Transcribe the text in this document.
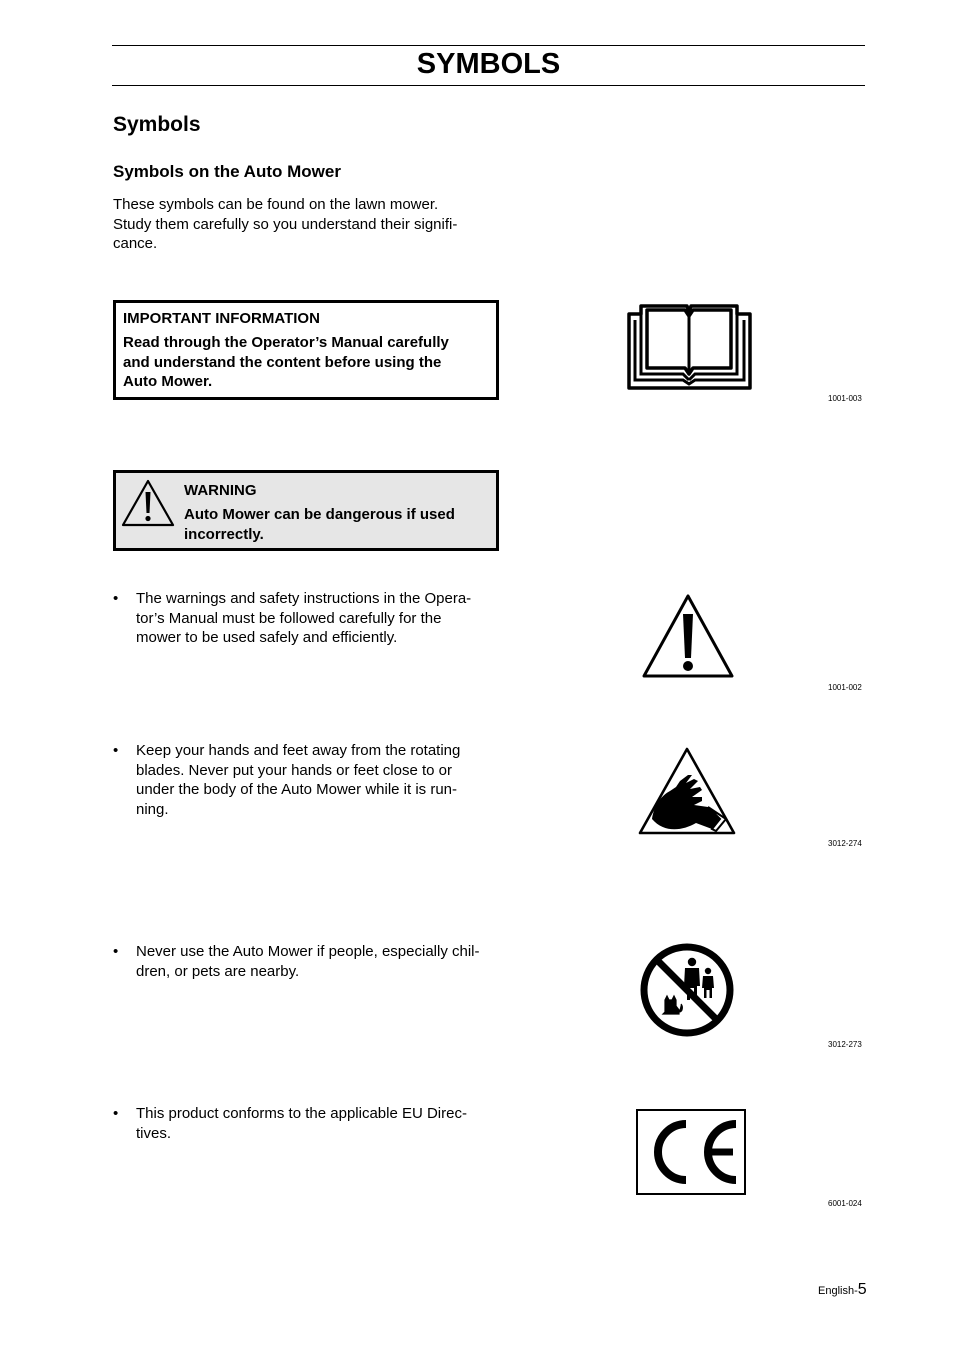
SYMBOLS
Symbols
Symbols on the Auto Mower
These symbols can be found on the lawn mower.
Study them carefully so you understand their signifi-
cance.
IMPORTANT INFORMATION
Read through the Operator’s Manual carefully
and understand the content before using the
Auto Mower.
WARNING
Auto Mower can be dangerous if used
incorrectly.
1001-003
1001-002
3012-274
3012-273
6001-024
• The warnings and safety instructions in the Opera-
tor’s Manual must be followed carefully for the
mower to be used safely and efficiently.
• Keep your hands and feet away from the rotating
blades. Never put your hands or feet close to or
under the body of the Auto Mower while it is run-
ning.
• Never use the Auto Mower if people, especially chil-
dren, or pets are nearby.
• This product conforms to the applicable EU Direc-
tives.
English-5
